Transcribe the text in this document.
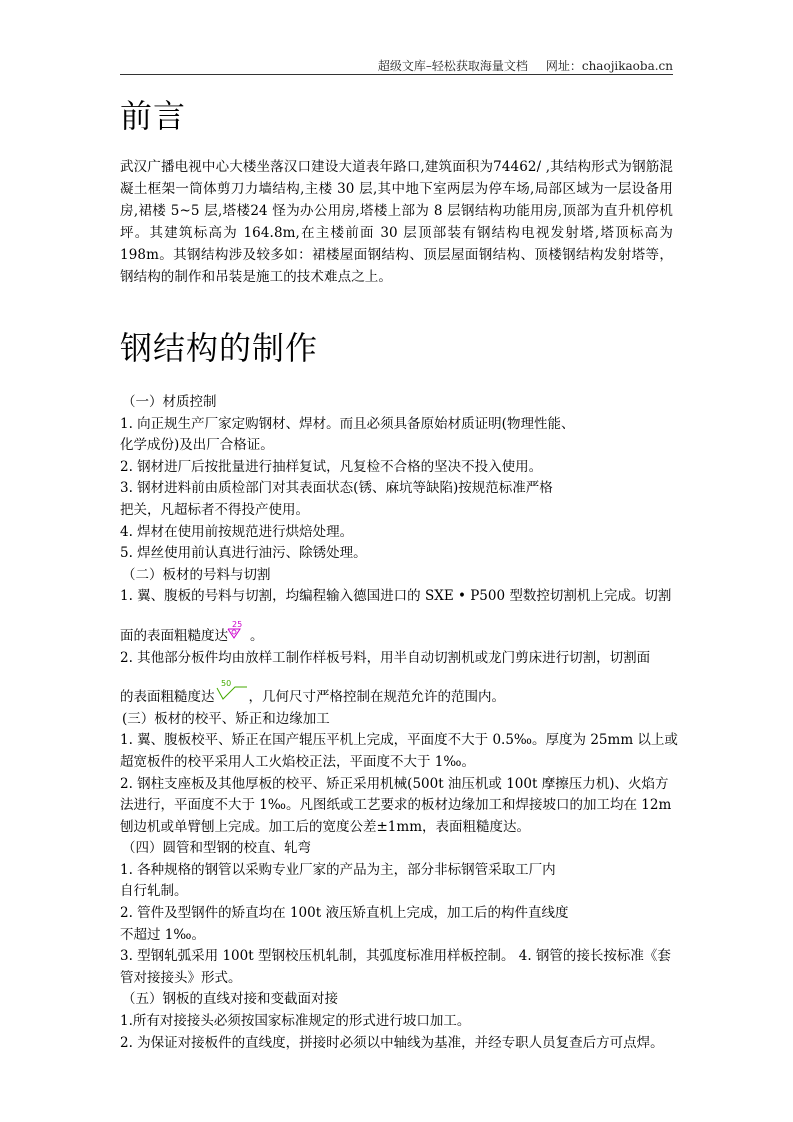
超级文库–轻松获取海量文档 网址：chaojikaoba.cn
前言

武汉广播电视中心大楼坐落汉口建设大道表年路口,建筑面积为74462/ ,其结构形式为钢筋混凝土框架一筒体剪刀力墙结构,主楼 30 层,其中地下室两层为停车场,局部区域为一层设备用房,裙楼 5~5 层,塔楼24 怪为办公用房,塔楼上部为 8 层钢结构功能用房,顶部为直升机停机坪。其建筑标高为 164.8m,在主楼前面 30 层顶部装有钢结构电视发射塔,塔顶标高为 198m。其钢结构涉及较多如：裙楼屋面钢结构、顶层屋面钢结构、顶楼钢结构发射塔等，钢结构的制作和吊装是施工的技术难点之上。

钢结构的制作

（一）材质控制

1. 向正规生产厂家定购钢材、焊材。而且必须具备原始材质证明(物理性能、

化学成份)及出厂合格证。

2. 钢材进厂后按批量进行抽样复试，凡复检不合格的坚决不投入使用。

3. 钢材进料前由质检部门对其表面状态(锈、麻坑等缺陷)按规范标准严格

把关，凡超标者不得投产使用。

4. 焊材在使用前按规范进行烘焙处理。

5. 焊丝使用前认真进行油污、除锈处理。

（二）板材的号料与切割

1. 翼、腹板的号料与切割，均编程输入德国进口的 SXE • P500 型数控切割机上完成。切割

面的表面粗糙度达
25
。

2. 其他部分板件均由放样工制作样板号料，用半自动切割机或龙门剪床进行切割，切割面

的表面粗糙度达
50
，几何尺寸严格控制在规范允许的范围内。

(三）板材的校平、矫正和边缘加工

1. 翼、腹板校平、矫正在国产辊压平机上完成，平面度不大于 0.5‰。厚度为 25mm 以上或

超宽板件的校平采用人工火焰校正法，平面度不大于 1‰。

2. 钢柱支座板及其他厚板的校平、矫正采用机械(500t 油压机或 100t 摩擦压力机)、火焰方

法进行，平面度不大于 1‰。凡图纸或工艺要求的板材边缘加工和焊接坡口的加工均在 12m

刨边机或单臂刨上完成。加工后的宽度公差±1mm，表面粗糙度达。

（四）圆管和型钢的校直、轧弯

1. 各种规格的钢管以采购专业厂家的产品为主，部分非标钢管采取工厂内

自行轧制。

2. 管件及型钢件的矫直均在 100t 液压矫直机上完成，加工后的构件直线度

不超过 1‰。

3. 型钢轧弧采用 100t 型钢校压机轧制，其弧度标准用样板控制。 4. 钢管的接长按标准《套

管对接接头》形式。

（五）钢板的直线对接和变截面对接

1.所有对接接头必须按国家标准规定的形式进行坡口加工。

2. 为保证对接板件的直线度，拼接时必须以中轴线为基准，并经专职人员复查后方可点焊。
